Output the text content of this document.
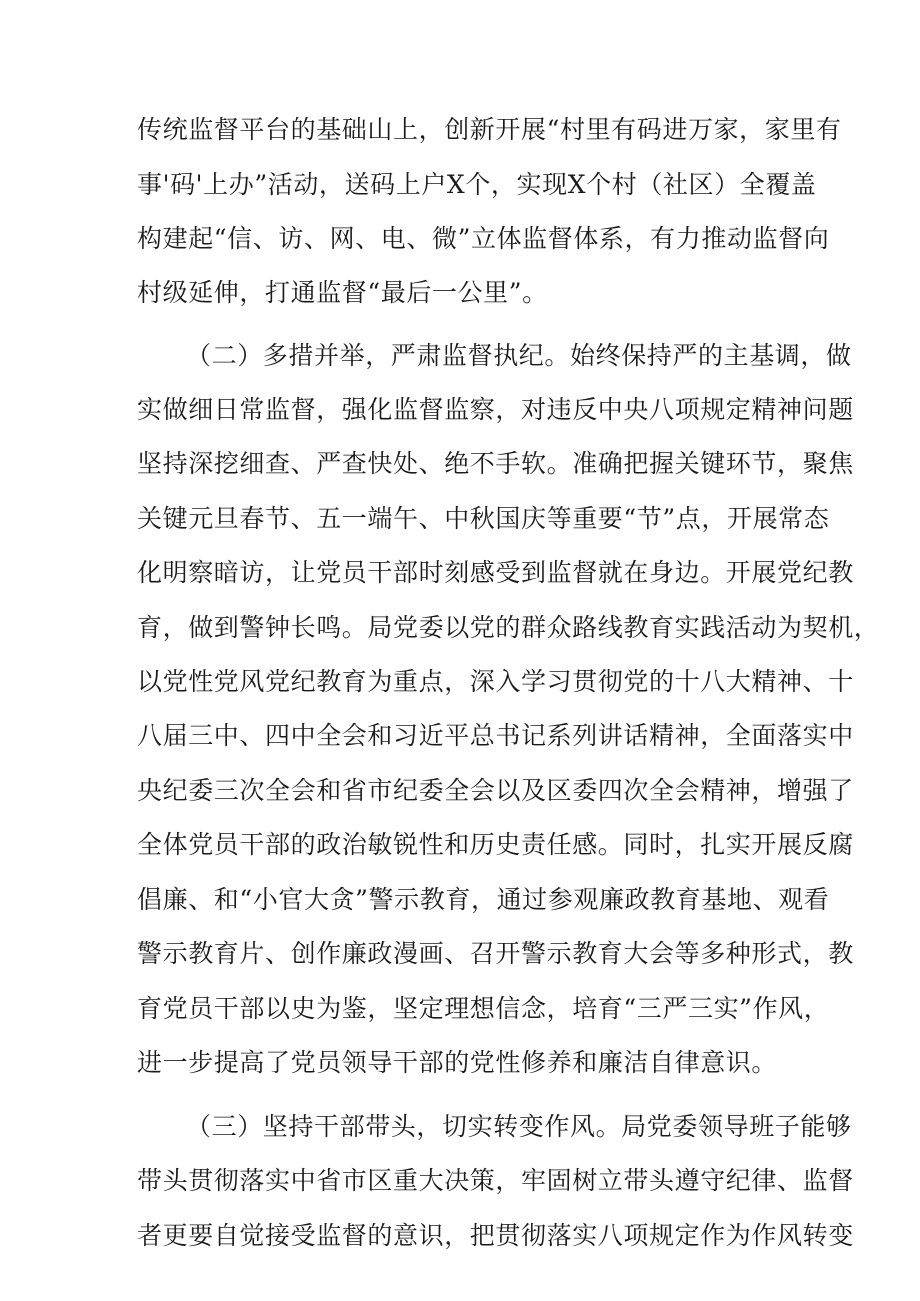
传统监督平台的基础山上，创新开展“村里有码进万家，家里有
事'码'上办”活动，送码上户X个，实现X个村（社区）全覆盖
构建起“信、访、网、电、微”立体监督体系，有力推动监督向
村级延伸，打通监督“最后一公里”。
（二）多措并举，严肃监督执纪。始终保持严的主基调，做
实做细日常监督，强化监督监察，对违反中央八项规定精神问题
坚持深挖细查、严查快处、绝不手软。准确把握关键环节，聚焦
关键元旦春节、五一端午、中秋国庆等重要“节”点，开展常态
化明察暗访，让党员干部时刻感受到监督就在身边。开展党纪教
育，做到警钟长鸣。局党委以党的群众路线教育实践活动为契机，
以党性党风党纪教育为重点，深入学习贯彻党的十八大精神、十
八届三中、四中全会和习近平总书记系列讲话精神，全面落实中
央纪委三次全会和省市纪委全会以及区委四次全会精神，增强了
全体党员干部的政治敏锐性和历史责任感。同时，扎实开展反腐
倡廉、和“小官大贪”警示教育，通过参观廉政教育基地、观看
警示教育片、创作廉政漫画、召开警示教育大会等多种形式，教
育党员干部以史为鉴，坚定理想信念，培育“三严三实”作风，
进一步提高了党员领导干部的党性修养和廉洁自律意识。
（三）坚持干部带头，切实转变作风。局党委领导班子能够
带头贯彻落实中省市区重大决策，牢固树立带头遵守纪律、监督
者更要自觉接受监督的意识，把贯彻落实八项规定作为作风转变
